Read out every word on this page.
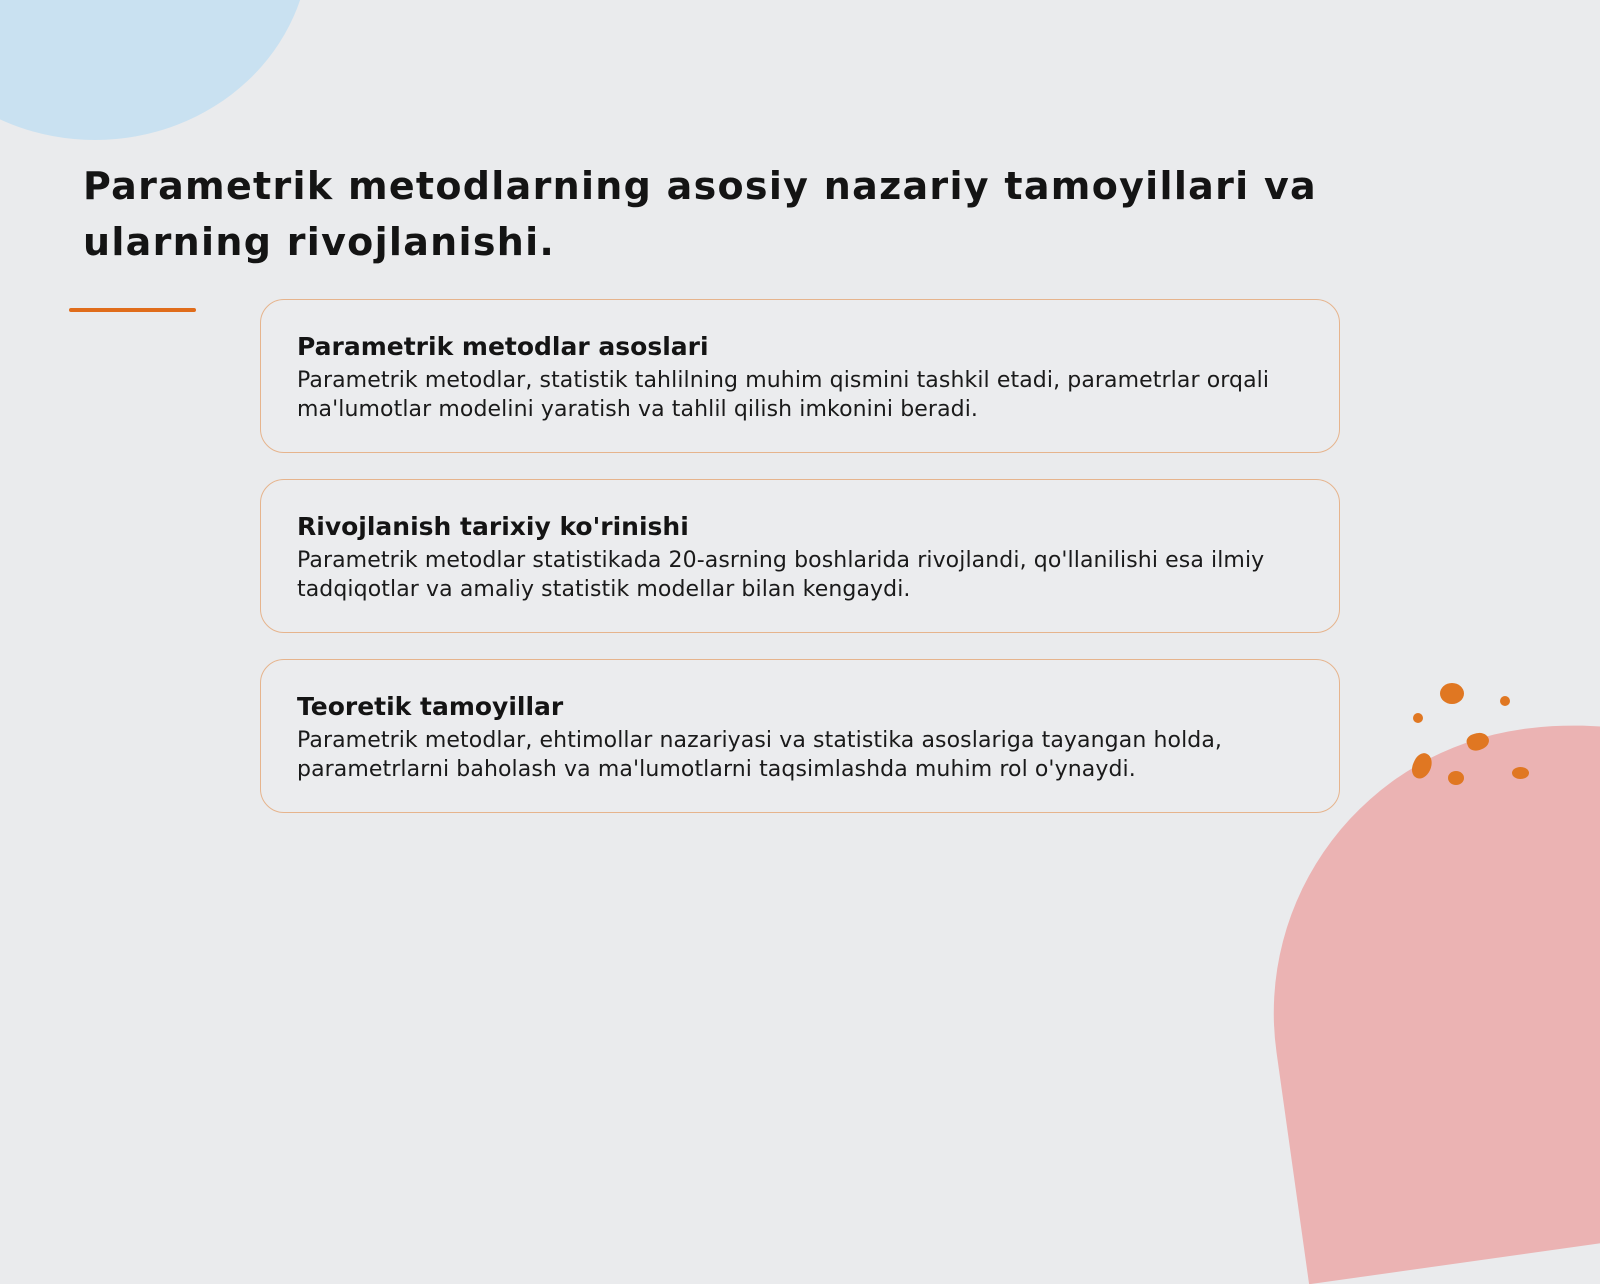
Parametrik metodlarning asosiy nazariy tamoyillari va ularning rivojlanishi.
Parametrik metodlar asoslari

Parametrik metodlar, statistik tahlilning muhim qismini tashkil etadi, parametrlar orqali ma'lumotlar modelini yaratish va tahlil qilish imkonini beradi.

Rivojlanish tarixiy ko'rinishi

Parametrik metodlar statistikada 20-asrning boshlarida rivojlandi, qo'llanilishi esa ilmiy tadqiqotlar va amaliy statistik modellar bilan kengaydi.

Teoretik tamoyillar

Parametrik metodlar, ehtimollar nazariyasi va statistika asoslariga tayangan holda, parametrlarni baholash va ma'lumotlarni taqsimlashda muhim rol o'ynaydi.
